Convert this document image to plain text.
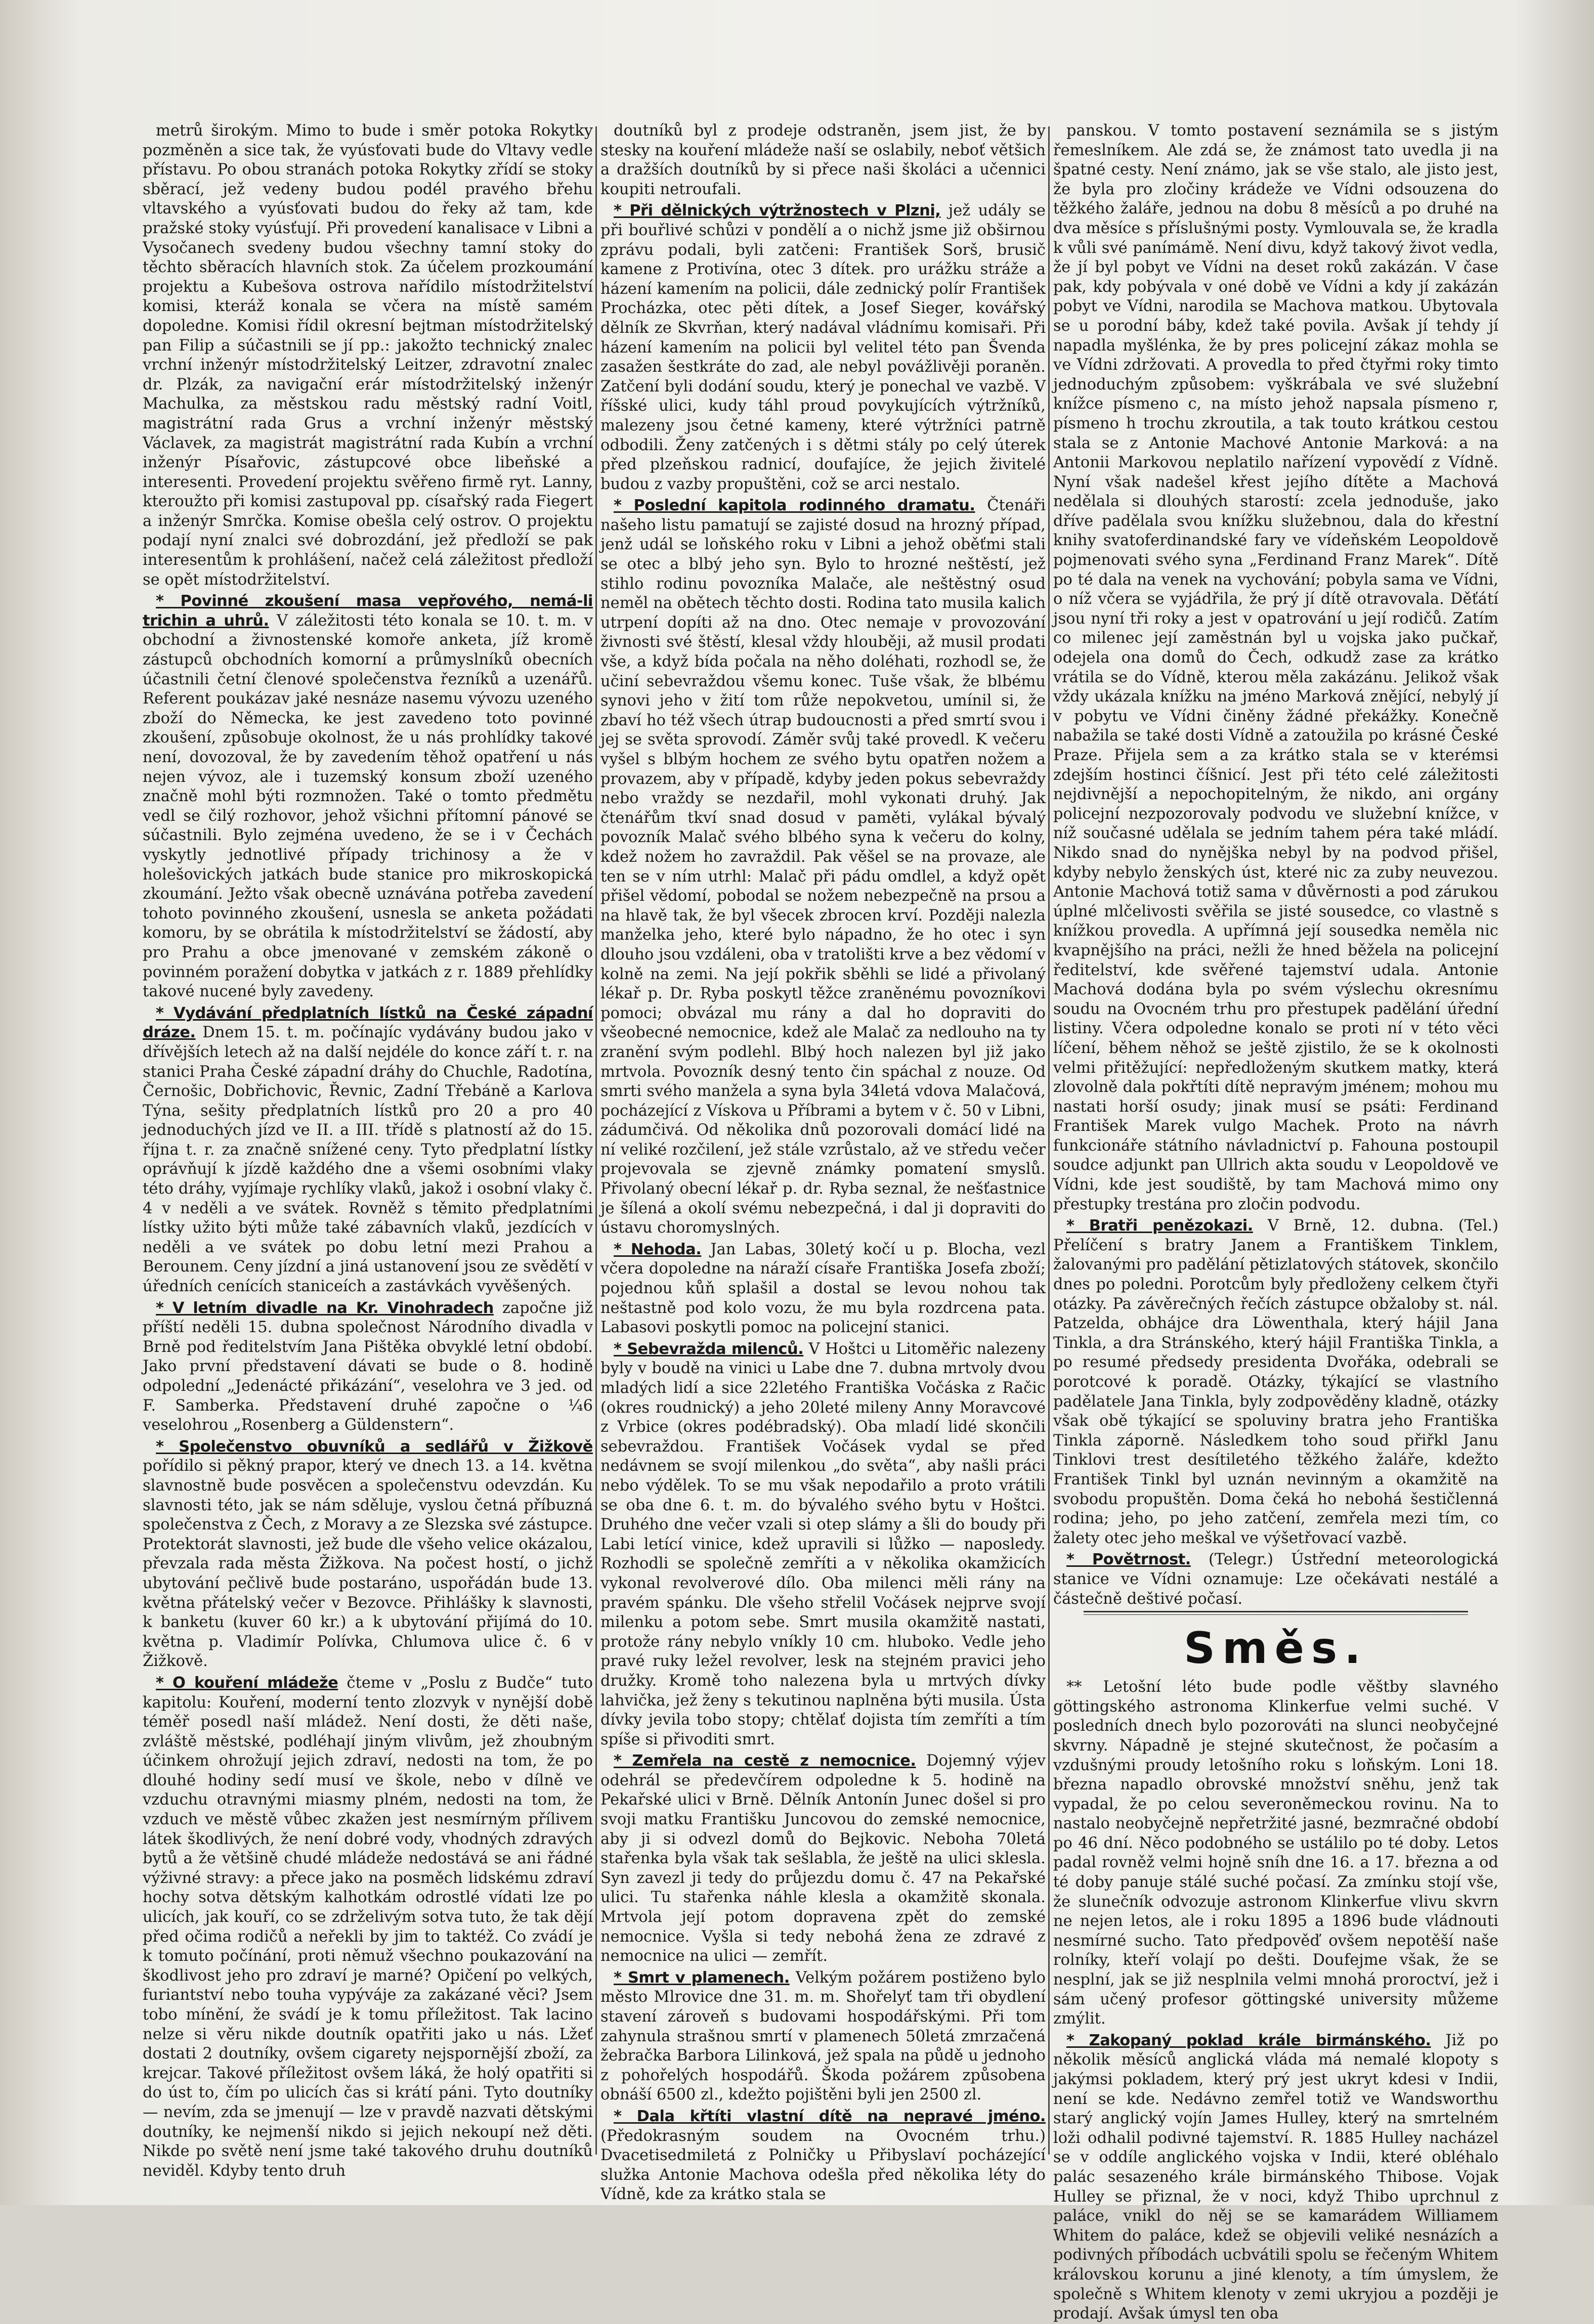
metrů širokým. Mimo to bude i směr potoka Rokytky pozměněn a sice tak, že vyúsťovati bude do Vltavy vedle přístavu. Po obou stranách potoka Rokytky zřídí se stoky sběrací, jež vedeny budou podél pravého břehu vltavského a vyúsťovati budou do řeky až tam, kde pražské stoky vyúsťují. Při provedení kanalisace v Libni a Vysočanech svedeny budou všechny tamní stoky do těchto sběracích hlavních stok. Za účelem prozkoumání projektu a Kubešova ostrova nařídilo místodržitelství komisi, kteráž konala se včera na místě samém dopoledne. Komisi řídil okresní bejtman místodržitelský pan Filip a súčastnili se jí pp.: jakožto technický znalec vrchní inženýr místodržitelský Leitzer, zdravotní znalec dr. Plzák, za navigační erár místodržitelský inženýr Machulka, za městskou radu městský radní Voitl, magistrátní rada Grus a vrchní inženýr městský Václavek, za magistrát magistrátní rada Kubín a vrchní inženýr Písařovic, zástupcové obce libeňské a interesenti. Provedení projektu svěřeno firmě ryt. Lanny, kteroužto při komisi zastupoval pp. císařský rada Fiegert a inženýr Smrčka. Komise obešla celý ostrov. O projektu podají nyní znalci své dobrozdání, jež předloží se pak interesentům k prohlášení, načež celá záležitost předloží se opět místodržitelství.

* Povinné zkoušení masa vepřového, nemá-li trichin a uhrů. V záležitosti této konala se 10. t. m. v obchodní a živnostenské komoře anketa, jíž kromě zástupců obchodních komorní a průmyslníků obecních účastnili četní členové společenstva řezníků a uzenářů. Referent poukázav jaké nesnáze nasemu vývozu uzeného zboží do Německa, ke jest zavedeno toto povinné zkoušení, způsobuje okolnost, že u nás prohlídky takové není, dovozoval, že by zavedením těhož opatření u nás nejen vývoz, ale i tuzemský konsum zboží uzeného značně mohl býti rozmnožen. Také o tomto předmětu vedl se čilý rozhovor, jehož všichni přítomní pánové se súčastnili. Bylo zejména uvedeno, že se i v Čechách vyskytly jednotlivé případy trichinosy a že v holešovických jatkách bude stanice pro mikroskopická zkoumání. Ježto však obecně uznávána potřeba zavedení tohoto povinného zkoušení, usnesla se anketa požádati komoru, by se obrátila k místodržitelství se žádostí, aby pro Prahu a obce jmenované v zemském zákoně o povinném poražení dobytka v jatkách z r. 1889 přehlídky takové nucené byly zavedeny.

* Vydávání předplatních lístků na České západní dráze. Dnem 15. t. m. počínajíc vydávány budou jako v dřívějších letech až na další nejdéle do konce září t. r. na stanici Praha České západní dráhy do Chuchle, Radotína, Černošic, Dobřichovic, Řevnic, Zadní Třebáně a Karlova Týna, sešity předplatních lístků pro 20 a pro 40 jednoduchých jízd ve II. a III. třídě s platností až do 15. října t. r. za značně snížené ceny. Tyto předplatní lístky oprávňují k jízdě každého dne a všemi osobními vlaky této dráhy, vyjímaje rychlíky vlaků, jakož i osobní vlaky č. 4 v neděli a ve svátek. Rovněž s těmito předplatními lístky užito býti může také zábavních vlaků, jezdících v neděli a ve svátek po dobu letní mezi Prahou a Berounem. Ceny jízdní a jiná ustanovení jsou ze svědětí v úředních cenících staniceích a zastávkách vyvěšených.

* V letním divadle na Kr. Vinohradech započne již příští neděli 15. dubna společnost Národního divadla v Brně pod ředitelstvím Jana Pištěka obvyklé letní období. Jako první představení dávati se bude o 8. hodině odpolední „Jedenácté přikázání“, veselohra ve 3 jed. od F. Samberka. Představení druhé započne o ¼6 veselohrou „Rosenberg a Güldenstern“.

* Společenstvo obuvníků a sedlářů v Žižkově pořídilo si pěkný prapor, který ve dnech 13. a 14. května slavnostně bude posvěcen a společenstvu odevzdán. Ku slavnosti této, jak se nám sděluje, vyslou četná příbuzná společenstva z Čech, z Moravy a ze Slezska své zástupce. Protektorát slavnosti, jež bude dle všeho velice okázalou, převzala rada města Žižkova. Na počest hostí, o jichž ubytování pečlivě bude postaráno, uspořádán bude 13. května přátelský večer v Bezovce. Přihlášky k slavnosti, k banketu (kuver 60 kr.) a k ubytování přijímá do 10. května p. Vladimír Polívka, Chlumova ulice č. 6 v Žižkově.

* O kouření mládeže čteme v „Poslu z Budče“ tuto kapitolu: Kouření, moderní tento zlozvyk v nynější době téměř posedl naší mládež. Není dosti, že děti naše, zvláště městské, podléhají jiným vlivům, jež zhoubným účinkem ohrožují jejich zdraví, nedosti na tom, že po dlouhé hodiny sedí musí ve škole, nebo v dílně ve vzduchu otravnými miasmy plném, nedosti na tom, že vzduch ve městě vůbec zkažen jest nesmírným přílivem látek škodlivých, že není dobré vody, vhodných zdravých bytů a že většině chudé mládeže nedostává se ani řádné výživné stravy: a přece jako na posměch lidskému zdraví hochy sotva dětským kalhotkám odrostlé vídati lze po ulicích, jak kouří, co se zdrželivým sotva tuto, že tak dějí před očima rodičů a neřekli by jim to taktéž. Co zvádí je k tomuto počínání, proti němuž všechno poukazování na škodlivost jeho pro zdraví je marné? Opičení po velkých, furiantství nebo touha vypýváje za zakázané věci? Jsem tobo mínění, že svádí je k tomu příležitost. Tak lacino nelze si věru nikde doutník opatřiti jako u nás. Lžeť dostati 2 doutníky, ovšem cigarety nejspornější zboží, za krejcar. Takové příležitost ovšem láká, že holý opatřiti si do úst to, čím po ulicích čas si krátí páni. Tyto doutníky — nevím, zda se jmenují — lze v pravdě nazvati dětskými doutníky, ke nejmenší nikdo si jejich nekoupí než děti. Nikde po světě není jsme také takového druhu doutníků neviděl. Kdyby tento druh

doutníků byl z prodeje odstraněn, jsem jist, že by stesky na kouření mládeže naší se oslabily, neboť většich a dražších doutníků by si přece naši školáci a učennici koupiti netroufali.

* Při dělnických výtržnostech v Plzni, jež udály se při bouřlivé schůzi v pondělí a o nichž jsme již obširnou zprávu podali, byli zatčeni: František Sorš, brusič kamene z Protivína, otec 3 dítek. pro urážku stráže a házení kamením na policii, dále zednický polír František Procházka, otec pěti dítek, a Josef Sieger, kovářský dělník ze Skvrňan, který nadával vládnímu komisaři. Při házení kamením na policii byl velitel této pan Švenda zasažen šestkráte do zad, ale nebyl povážlivěji poraněn. Zatčení byli dodání soudu, který je ponechal ve vazbě. V říšské ulici, kudy táhl proud povykujících výtržníků, malezeny jsou četné kameny, které výtržníci patrně odbodili. Ženy zatčených i s dětmi stály po celý úterek před plzeňskou radnicí, doufajíce, že jejich živitelé budou z vazby propuštěni, což se arci nestalo.

* Poslední kapitola rodinného dramatu. Čtenáři našeho listu pamatují se zajisté dosud na hrozný případ, jenž udál se loňského roku v Libni a jehož oběťmi stali se otec a blbý jeho syn. Bylo to hrozné neštěstí, jež stihlo rodinu povozníka Malače, ale neštěstný osud neměl na obětech těchto dosti. Rodina tato musila kalich utrpení dopíti až na dno. Otec nemaje v provozování živnosti své štěstí, klesal vždy hlouběji, až musil prodati vše, a když bída počala na něho doléhati, rozhodl se, že učiní sebevraždou všemu konec. Tuše však, že blbému synovi jeho v žití tom růže nepokvetou, umínil si, že zbaví ho též všech útrap budoucnosti a před smrtí svou i jej se světa sprovodí. Záměr svůj také provedl. K večeru vyšel s blbým hochem ze svého bytu opatřen nožem a provazem, aby v případě, kdyby jeden pokus sebevraždy nebo vraždy se nezdařil, mohl vykonati druhý. Jak čtenářům tkví snad dosud v paměti, vylákal bývalý povozník Malač svého blbého syna k večeru do kolny, kdež nožem ho zavraždil. Pak věšel se na provaze, ale ten se v ním utrhl: Malač při pádu omdlel, a když opět přišel vědomí, pobodal se nožem nebezpečně na prsou a na hlavě tak, že byl všecek zbrocen krví. Později nalezla manželka jeho, které bylo nápadno, že ho otec i syn dlouho jsou vzdáleni, oba v tratolišti krve a bez vědomí v kolně na zemi. Na její pokřik sběhli se lidé a přivolaný lékař p. Dr. Ryba poskytl těžce zraněnému povozníkovi pomoci; obvázal mu rány a dal ho dopraviti do všeobecné nemocnice, kdež ale Malač za nedlouho na ty zranění svým podlehl. Blbý hoch nalezen byl již jako mrtvola. Povozník desný tento čin spáchal z nouze. Od smrti svého manžela a syna byla 34letá vdova Malačová, pocházející z Vískova u Příbrami a bytem v č. 50 v Libni, zádumčivá. Od několika dnů pozorovali domácí lidé na ní veliké rozčilení, jež stále vzrůstalo, až ve středu večer projevovala se zjevně známky pomatení smyslů. Přivolaný obecní lékař p. dr. Ryba seznal, že nešťastnice je šílená a okolí svému nebezpečná, i dal ji dopraviti do ústavu choromyslných.

* Nehoda. Jan Labas, 30letý kočí u p. Blocha, vezl včera dopoledne na náraží císaře Františka Josefa zboží; pojednou kůň splašil a dostal se levou nohou tak neštastně pod kolo vozu, že mu byla rozdrcena pata. Labasovi poskytli pomoc na policejní stanici.

* Sebevražda milenců. V Hoštci u Litoměřic nalezeny byly v boudě na vinici u Labe dne 7. dubna mrtvoly dvou mladých lidí a sice 22letého Františka Vočáska z Račic (okres roudnický) a jeho 20leté mileny Anny Moravcové z Vrbice (okres podébradský). Oba mladí lidé skončili sebevraždou. František Vočásek vydal se před nedávnem se svojí milenkou „do světa“, aby našli práci nebo výdělek. To se mu však nepodařilo a proto vrátili se oba dne 6. t. m. do bývalého svého bytu v Hoštci. Druhého dne večer vzali si otep slámy a šli do boudy při Labi letící vinice, kdež upravili si lůžko — naposledy. Rozhodli se společně zemříti a v několika okamžicích vykonal revolverové dílo. Oba milenci měli rány na pravém spánku. Dle všeho střelil Vočásek nejprve svojí milenku a potom sebe. Smrt musila okamžitě nastati, protože rány nebylo vníkly 10 cm. hluboko. Vedle jeho pravé ruky ležel revolver, lesk na stejném pravici jeho družky. Kromě toho nalezena byla u mrtvých dívky lahvička, jež ženy s tekutinou naplněna býti musila. Ústa dívky jevila tobo stopy; chtělať dojista tím zemříti a tím spíše si přivoditi smrt.

* Zemřela na cestě z nemocnice. Dojemný výjev odehrál se předevčírem odpoledne k 5. hodině na Pekařské ulici v Brně. Dělník Antonín Junec došel si pro svoji matku Františku Juncovou do zemské nemocnice, aby ji si odvezl domů do Bejkovic. Neboha 70letá stařenka byla však tak sešlabla, že ještě na ulici sklesla. Syn zavezl ji tedy do průjezdu domu č. 47 na Pekařské ulici. Tu stařenka náhle klesla a okamžitě skonala. Mrtvola její potom dopravena zpět do zemské nemocnice. Vyšla si tedy nebohá žena ze zdravé z nemocnice na ulici — zemřít.

* Smrt v plamenech. Velkým požárem postiženo bylo město Mlrovice dne 31. m. m. Shořelyť tam tři obydlení stavení zároveň s budovami hospodářskými. Při tom zahynula strašnou smrtí v plamenech 50letá zmrzačená žebračka Barbora Lilinková, jež spala na půdě u jednoho z pohořelých hospodářů. Škoda požárem způsobena obnáší 6500 zl., kdežto pojištěni byli jen 2500 zl.

* Dala křtíti vlastní dítě na nepravé jméno. (Předokrasným soudem na Ovocném trhu.) Dvacetisedmiletá z Polničky u Přibyslaví pocházející služka Antonie Machova odešla před několika léty do Vídně, kde za krátko stala se

panskou. V tomto postavení seznámila se s jistým řemeslníkem. Ale zdá se, že známost tato uvedla ji na špatné cesty. Není známo, jak se vše stalo, ale jisto jest, že byla pro zločiny krádeže ve Vídni odsouzena do těžkého žaláře, jednou na dobu 8 měsíců a po druhé na dva měsíce s příslušnými posty. Vymlouvala se, že kradla k vůli své panímámě. Není divu, když takový život vedla, že jí byl pobyt ve Vídni na deset roků zakázán. V čase pak, kdy pobývala v oné době ve Vídni a kdy jí zakázán pobyt ve Vídni, narodila se Machova matkou. Ubytovala se u porodní báby, kdež také povila. Avšak jí tehdy jí napadla myšlénka, že by pres policejní zákaz mohla se ve Vídni zdržovati. A provedla to před čtyřmi roky timto jednoduchým způsobem: vyškrábala ve své služební knížce písmeno c, na místo jehož napsala písmeno r, písmeno h trochu zkroutila, a tak touto krátkou cestou stala se z Antonie Machové Antonie Marková: a na Antonii Markovou neplatilo nařízení vypovědí z Vídně. Nyní však nadešel křest jejího dítěte a Machová nedělala si dlouhých starostí: zcela jednoduše, jako dříve padělala svou knížku služebnou, dala do křestní knihy svatoferdinandské fary ve vídeňském Leopoldově pojmenovati svého syna „Ferdinand Franz Marek“. Dítě po té dala na venek na vychování; pobyla sama ve Vídni, o níž včera se vyjádřila, že prý jí dítě otravovala. Děťátí jsou nyní tři roky a jest v opatrování u její rodičů. Zatím co milenec její zaměstnán byl u vojska jako pučkař, odejela ona domů do Čech, odkudž zase za krátko vrátila se do Vídně, kterou měla zakázánu. Jelikož však vždy ukázala knížku na jméno Marková znějící, nebylý jí v pobytu ve Vídni činěny žádné překážky. Konečně nabažila se také dosti Vídně a zatoužila po krásné České Praze. Přijela sem a za krátko stala se v kterémsi zdejším hostinci číšnicí. Jest při této celé záležitosti nejdivnější a nepochopitelným, že nikdo, ani orgány policejní nezpozorovaly podvodu ve služební knížce, v níž současné udělala se jedním tahem péra také mládí. Nikdo snad do nynějška nebyl by na podvod přišel, kdyby nebylo ženských úst, které nic za zuby neuvezou. Antonie Machová totiž sama v důvěrnosti a pod zárukou úplné mlčelivosti svěřila se jisté sousedce, co vlastně s knížkou provedla. A upřímná její sousedka neměla nic kvapnějšího na práci, nežli že hned běžela na policejní ředitelství, kde svěřené tajemství udala. Antonie Machová dodána byla po svém výslechu okresnímu soudu na Ovocném trhu pro přestupek padělání úřední listiny. Včera odpoledne konalo se proti ní v této věci líčení, během něhož se ještě zjistilo, že se k okolnosti velmi přitěžující: nepředloženým skutkem matky, která zlovolně dala pokřtíti dítě nepravým jménem; mohou mu nastati horší osudy; jinak musí se psáti: Ferdinand František Marek vulgo Machek. Proto na návrh funkcionáře státního návladnictví p. Fahouna postoupil soudce adjunkt pan Ullrich akta soudu v Leopoldově ve Vídni, kde jest soudiště, by tam Machová mimo ony přestupky trestána pro zločin podvodu.

* Bratři penězokazi. V Brně, 12. dubna. (Tel.) Přelíčení s bratry Janem a Františkem Tinklem, žalovanými pro padělání pětizlatových státovek, skončilo dnes po poledni. Porotcům byly předloženy celkem čtyři otázky. Pa závěrečných řečích zástupce obžaloby st. nál. Patzelda, obhájce dra Löwenthala, který hájil Jana Tinkla, a dra Stránského, který hájil Františka Tinkla, a po resumé předsedy presidenta Dvořáka, odebrali se porotcové k poradě. Otázky, týkající se vlastního padělatele Jana Tinkla, byly zodpověděny kladně, otázky však obě týkající se spoluviny bratra jeho Františka Tinkla záporně. Následkem toho soud přiřkl Janu Tinklovi trest desítiletého těžkého žaláře, kdežto František Tinkl byl uznán nevinným a okamžitě na svobodu propuštěn. Doma čeká ho nebohá šestičlenná rodina; jeho, po jeho zatčení, zemřela mezi tím, co žalety otec jeho meškal ve výšetřovací vazbě.

* Povětrnost. (Telegr.) Ústřední meteorologická stanice ve Vídni oznamuje: Lze očekávati nestálé a částečně deštivé počasí.

Směs.

** Letošní léto bude podle věštby slavného göttingského astronoma Klinkerfue velmi suché. V posledních dnech bylo pozorováti na slunci neobyčejné skvrny. Nápadně je stejné skutečnost, že počasím a vzdušnými proudy letošního roku s loňským. Loni 18. března napadlo obrovské množství sněhu, jenž tak vypadal, že po celou severoněmeckou rovinu. Na to nastalo neobyčejně nepřetržité jasné, bezmračné období po 46 dní. Něco podobného se ustálilo po té doby. Letos padal rovněž velmi hojně sníh dne 16. a 17. března a od té doby panuje stálé suché počasí. Za zmínku stojí vše, že slunečník odvozuje astronom Klinkerfue vlivu skvrn ne nejen letos, ale i roku 1895 a 1896 bude vládnouti nesmírné sucho. Tato předpověď ovšem nepotěší naše rolníky, kteří volají po dešti. Doufejme však, že se nesplní, jak se již nesplnila velmi mnohá proroctví, jež i sám učený profesor göttingské university můžeme zmýlit.

* Zakopaný poklad krále birmánského. Již po několik měsíců anglická vláda má nemalé klopoty s jakýmsi pokladem, který prý jest ukryt kdesi v Indii, není se kde. Nedávno zemřel totiž ve Wandsworthu starý anglický vojín James Hulley, který na smrtelném loži odhalil podivné tajemství. R. 1885 Hulley nacházel se v oddíle anglického vojska v Indii, které obléhalo palác sesazeného krále birmánského Thibose. Vojak Hulley se přiznal, že v noci, když Thibo uprchnul z paláce, vnikl do něj se se kamarádem Williamem Whitem do paláce, kdež se objevili veliké nesnázích a podivných příbodách ucbvátili spolu se řečeným Whitem královskou korunu a jiné klenoty, a tím úmyslem, že společně s Whitem klenoty v zemi ukryjou a později je prodají. Avšak úmysl ten oba
